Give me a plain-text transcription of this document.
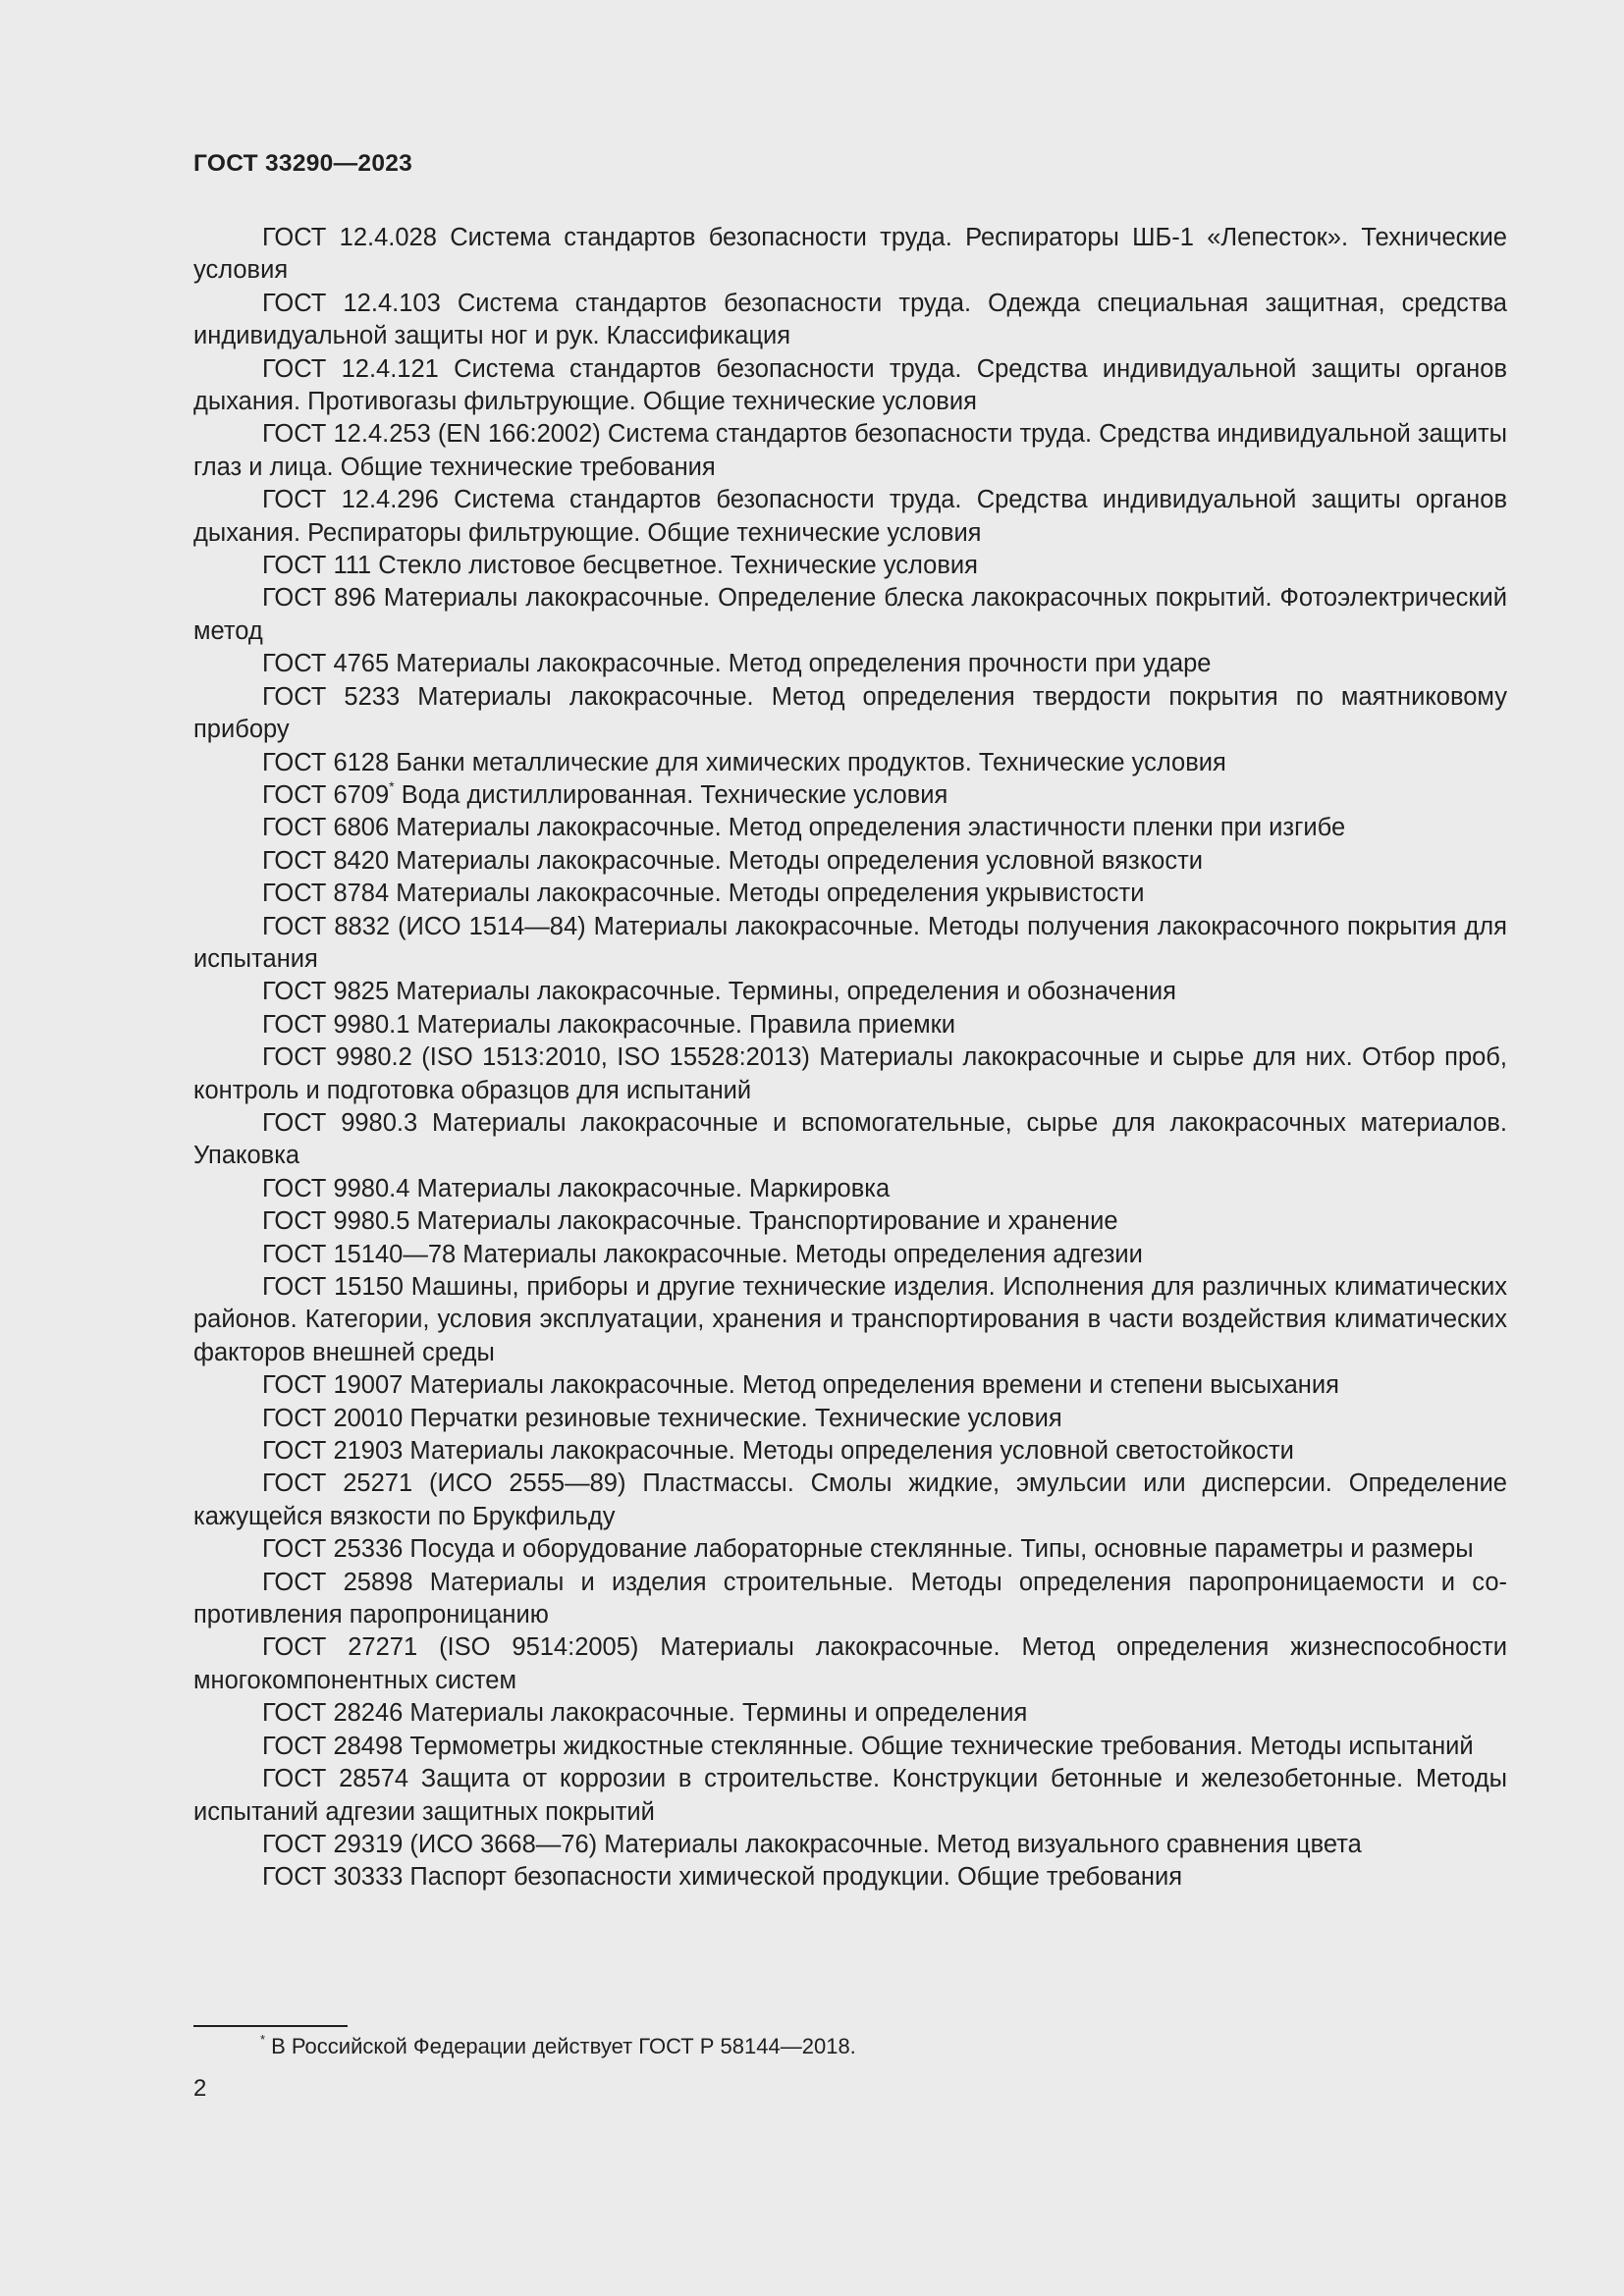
ГОСТ 33290—2023

ГОСТ 12.4.028 Система стандартов безопасности труда. Респираторы ШБ-1 «Лепесток». Технические условия

ГОСТ 12.4.103 Система стандартов безопасности труда. Одежда специальная защитная, средства индивидуальной защиты ног и рук. Классификация

ГОСТ 12.4.121 Система стандартов безопасности труда. Средства индивидуальной защиты органов дыхания. Противогазы фильтрующие. Общие технические условия

ГОСТ 12.4.253 (EN 166:2002) Система стандартов безопасности труда. Средства индивидуальной защиты глаз и лица. Общие технические требования

ГОСТ 12.4.296 Система стандартов безопасности труда. Средства индивидуальной защиты органов дыхания. Респираторы фильтрующие. Общие технические условия

ГОСТ 111 Стекло листовое бесцветное. Технические условия

ГОСТ 896 Материалы лакокрасочные. Определение блеска лакокрасочных покрытий. Фотоэлектрический метод

ГОСТ 4765 Материалы лакокрасочные. Метод определения прочности при ударе

ГОСТ 5233 Материалы лакокрасочные. Метод определения твердости покрытия по маятниковому прибору

ГОСТ 6128 Банки металлические для химических продуктов. Технические условия

ГОСТ 6709* Вода дистиллированная. Технические условия

ГОСТ 6806 Материалы лакокрасочные. Метод определения эластичности пленки при изгибе

ГОСТ 8420 Материалы лакокрасочные. Методы определения условной вязкости

ГОСТ 8784 Материалы лакокрасочные. Методы определения укрывистости

ГОСТ 8832 (ИСО 1514—84) Материалы лакокрасочные. Методы получения лакокрасочного покрытия для испытания

ГОСТ 9825 Материалы лакокрасочные. Термины, определения и обозначения

ГОСТ 9980.1 Материалы лакокрасочные. Правила приемки

ГОСТ 9980.2 (ISO 1513:2010, ISO 15528:2013) Материалы лакокрасочные и сырье для них. Отбор проб, контроль и подготовка образцов для испытаний

ГОСТ 9980.3 Материалы лакокрасочные и вспомогательные, сырье для лакокрасочных материалов. Упаковка

ГОСТ 9980.4 Материалы лакокрасочные. Маркировка

ГОСТ 9980.5 Материалы лакокрасочные. Транспортирование и хранение

ГОСТ 15140—78 Материалы лакокрасочные. Методы определения адгезии

ГОСТ 15150 Машины, приборы и другие технические изделия. Исполнения для различных климатических районов. Категории, условия эксплуатации, хранения и транспортирования в части воздействия климатических факторов внешней среды

ГОСТ 19007 Материалы лакокрасочные. Метод определения времени и степени высыхания

ГОСТ 20010 Перчатки резиновые технические. Технические условия

ГОСТ 21903 Материалы лакокрасочные. Методы определения условной светостойкости

ГОСТ 25271 (ИСО 2555—89) Пластмассы. Смолы жидкие, эмульсии или дисперсии. Определение кажущейся вязкости по Брукфильду

ГОСТ 25336 Посуда и оборудование лабораторные стеклянные. Типы, основные параметры и размеры

ГОСТ 25898 Материалы и изделия строительные. Методы определения паропроницаемости и сопротивления паропроницанию

ГОСТ 27271 (ISO 9514:2005) Материалы лакокрасочные. Метод определения жизнеспособности многокомпонентных систем

ГОСТ 28246 Материалы лакокрасочные. Термины и определения

ГОСТ 28498 Термометры жидкостные стеклянные. Общие технические требования. Методы испытаний

ГОСТ 28574 Защита от коррозии в строительстве. Конструкции бетонные и железобетонные. Методы испытаний адгезии защитных покрытий

ГОСТ 29319 (ИСО 3668—76) Материалы лакокрасочные. Метод визуального сравнения цвета

ГОСТ 30333 Паспорт безопасности химической продукции. Общие требования

* В Российской Федерации действует ГОСТ Р 58144—2018.
2
